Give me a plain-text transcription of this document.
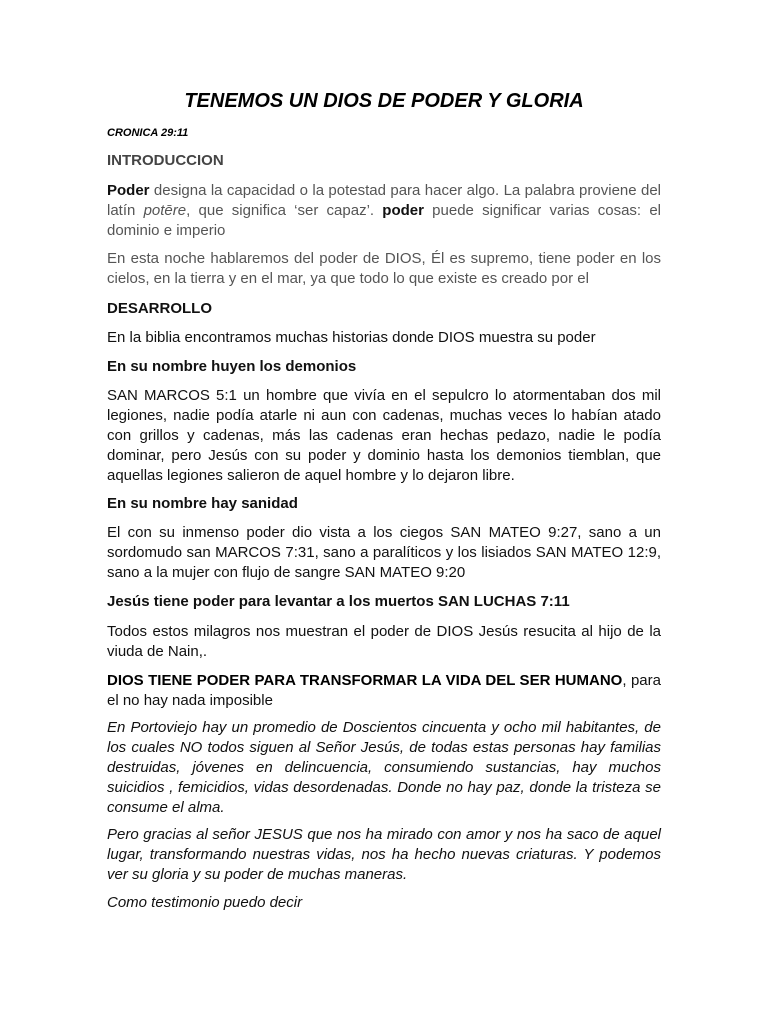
TENEMOS UN DIOS DE PODER Y GLORIA
CRONICA 29:11
INTRODUCCION
Poder designa la capacidad o la potestad para hacer algo. La palabra proviene del latín potēre, que significa ‘ser capaz’. poder puede significar varias cosas: el dominio e imperio
En esta noche hablaremos del poder de DIOS, Él es supremo, tiene poder en los cielos, en la tierra y en el mar, ya que todo lo que existe es creado por el
DESARROLLO
En la biblia encontramos muchas historias donde DIOS muestra su poder
En su nombre huyen los demonios
SAN MARCOS 5:1 un hombre que vivía en el sepulcro lo atormentaban dos mil legiones, nadie podía atarle ni aun con cadenas, muchas veces lo habían atado con grillos y cadenas, más las cadenas eran hechas pedazo, nadie le podía dominar, pero Jesús con su poder y dominio hasta los demonios tiemblan, que aquellas legiones salieron de aquel hombre y lo dejaron libre.
En su nombre hay sanidad
El con su inmenso poder dio vista a los ciegos SAN MATEO 9:27, sano a un sordomudo san MARCOS 7:31, sano a paralíticos y los lisiados SAN MATEO 12:9, sano a la mujer con flujo de sangre SAN MATEO 9:20
Jesús tiene poder para levantar a los muertos SAN LUCHAS 7:11
Todos estos milagros nos muestran el poder de DIOS Jesús resucita al hijo de la viuda de Nain,.
DIOS TIENE PODER PARA TRANSFORMAR LA VIDA DEL SER HUMANO, para el no hay nada imposible
En Portoviejo hay un promedio de Doscientos cincuenta y ocho mil habitantes, de los cuales NO todos siguen al Señor Jesús, de todas estas personas hay familias destruidas, jóvenes en delincuencia, consumiendo sustancias, hay muchos suicidios , femicidios, vidas desordenadas. Donde no hay paz, donde la tristeza se consume el alma.
Pero gracias al señor JESUS que nos ha mirado con amor y nos ha saco de aquel lugar, transformando nuestras vidas, nos ha hecho nuevas criaturas. Y podemos ver su gloria y su poder de muchas maneras.
Como testimonio puedo decir
